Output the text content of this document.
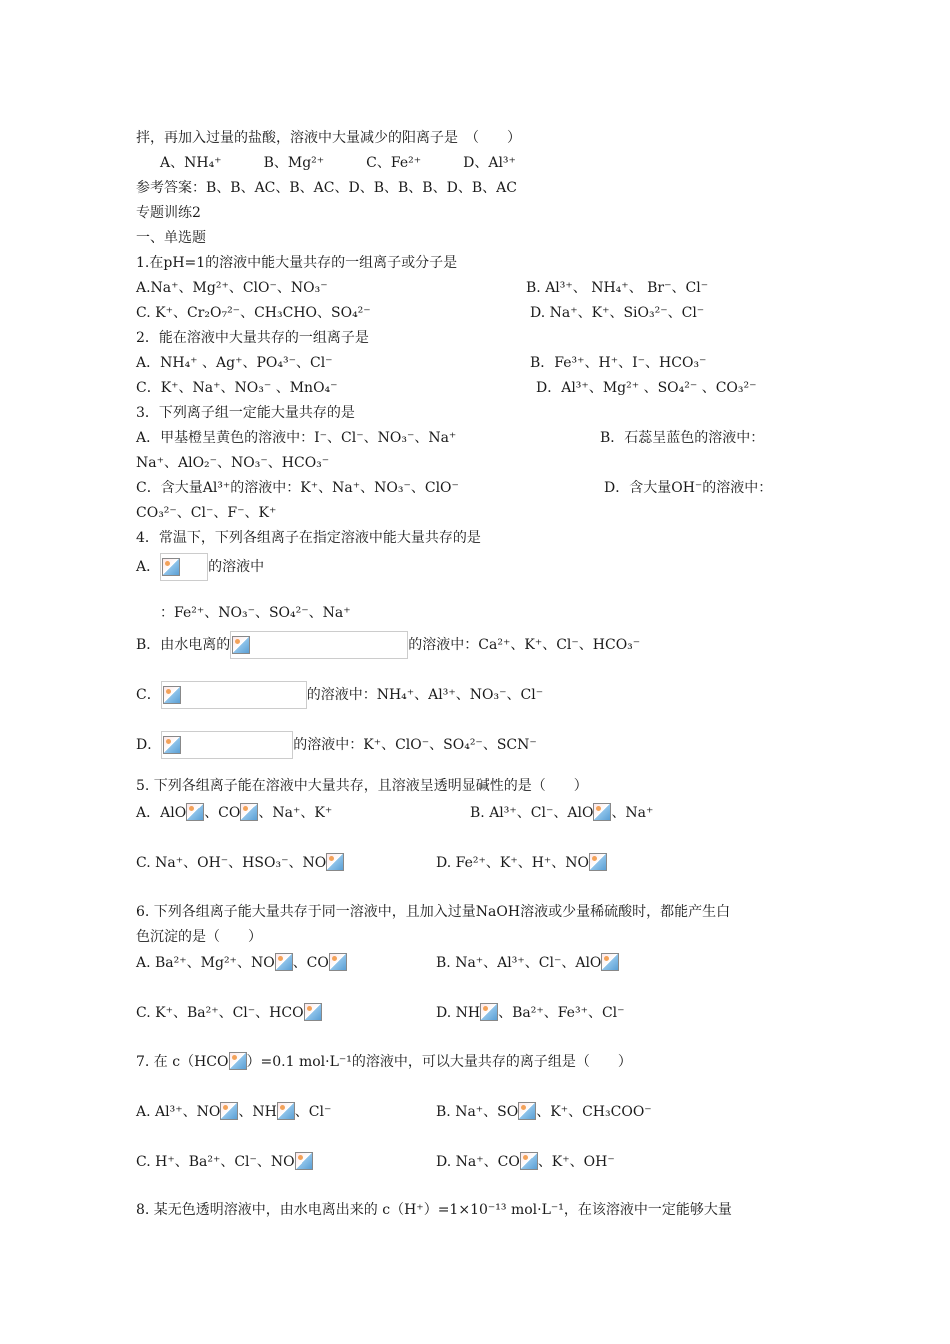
拌，再加入过量的盐酸，溶液中大量减少的阳离子是　（　　）
A、NH₄⁺　　　B、Mg²⁺　　　C、Fe²⁺　　　D、Al³⁺
参考答案：B、B、AC、B、AC、D、B、B、B、D、B、AC
专题训练2
一、单选题
1.在pH=1的溶液中能大量共存的一组离子或分子是
A.Na⁺、Mg²⁺、ClO⁻、NO₃⁻	B. Al³⁺、 NH₄⁺、 Br⁻、Cl⁻
C. K⁺、Cr₂O₇²⁻、CH₃CHO、SO₄²⁻	D. Na⁺、K⁺、SiO₃²⁻、Cl⁻
2．能在溶液中大量共存的一组离子是
A．NH₄⁺ 、Ag⁺、PO₄³⁻、Cl⁻	B．Fe³⁺、H⁺、I⁻、HCO₃⁻
C．K⁺、Na⁺、NO₃⁻ 、MnO₄⁻	D．Al³⁺、Mg²⁺ 、SO₄²⁻ 、CO₃²⁻
3．下列离子组一定能大量共存的是
A．甲基橙呈黄色的溶液中：I⁻、Cl⁻、NO₃⁻、Na⁺	B．石蕊呈蓝色的溶液中：
Na⁺、AlO₂⁻、NO₃⁻、HCO₃⁻
C．含大量Al³⁺的溶液中：K⁺、Na⁺、NO₃⁻、ClO⁻	D．含大量OH⁻的溶液中：
CO₃²⁻、Cl⁻、F⁻、K⁺
4．常温下，下列各组离子在指定溶液中能大量共存的是
A．	的溶液中
：Fe²⁺、NO₃⁻、SO₄²⁻、Na⁺
B．由水电离的	的溶液中：Ca²⁺、K⁺、Cl⁻、HCO₃⁻
C．	的溶液中：NH₄⁺、Al³⁺、NO₃⁻、Cl⁻
D．	的溶液中：K⁺、ClO⁻、SO₄²⁻、SCN⁻
5. 下列各组离子能在溶液中大量共存，且溶液呈透明显碱性的是（　　）
A．AlO 、CO 、Na⁺、K⁺	B. Al³⁺、Cl⁻、AlO 、Na⁺
C. Na⁺、OH⁻、HSO₃⁻、NO	D. Fe²⁺、K⁺、H⁺、NO
6. 下列各组离子能大量共存于同一溶液中，且加入过量NaOH溶液或少量稀硫酸时，都能产生白
色沉淀的是（　　）
A. Ba²⁺、Mg²⁺、NO 、CO	B. Na⁺、Al³⁺、Cl⁻、AlO
C. K⁺、Ba²⁺、Cl⁻、HCO	D. NH 、Ba²⁺、Fe³⁺、Cl⁻
7. 在 c（HCO ）=0.1 mol·L⁻¹的溶液中，可以大量共存的离子组是（　　）
A. Al³⁺、NO 、NH 、Cl⁻	B. Na⁺、SO 、K⁺、CH₃COO⁻
C. H⁺、Ba²⁺、Cl⁻、NO	D. Na⁺、CO 、K⁺、OH⁻
8. 某无色透明溶液中，由水电离出来的 c（H⁺）=1×10⁻¹³ mol·L⁻¹，在该溶液中一定能够大量
